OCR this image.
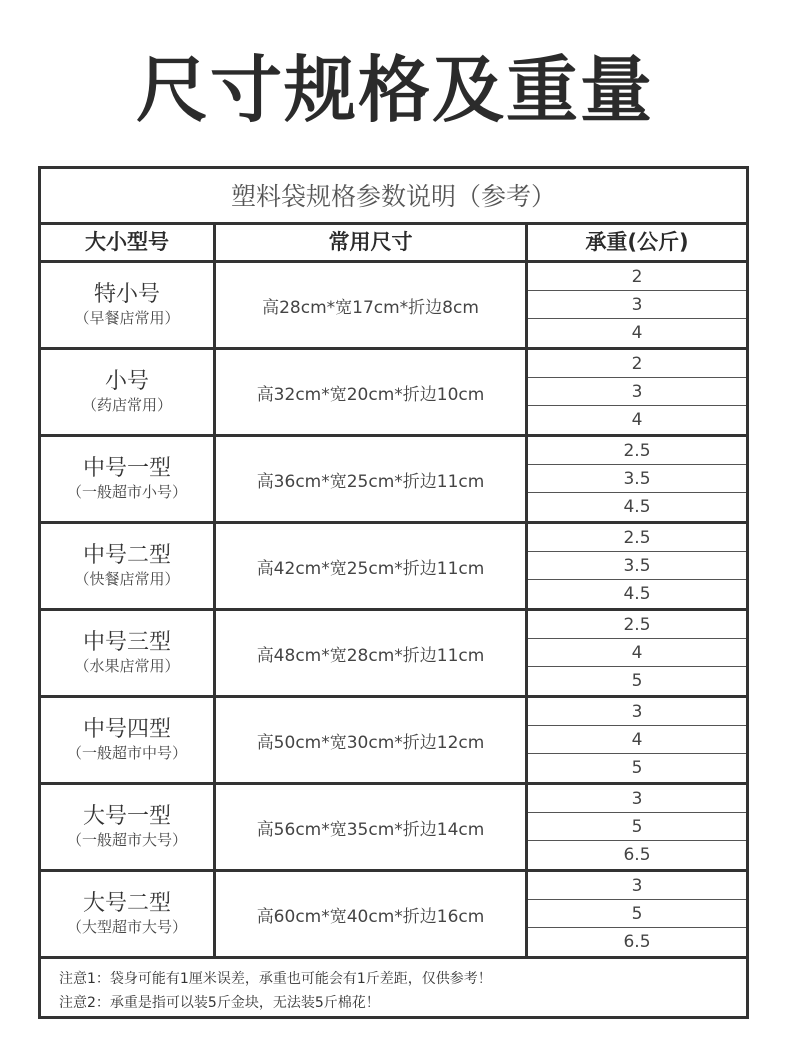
尺寸规格及重量
塑料袋规格参数说明（参考）
大小型号	常用尺寸	承重(公斤)
特小号
（早餐店常用）
高28cm*宽17cm*折边8cm
2
3
4
小号
（药店常用）
高32cm*宽20cm*折边10cm
2
3
4
中号一型
（一般超市小号）
高36cm*宽25cm*折边11cm
2.5
3.5
4.5
中号二型
（快餐店常用）
高42cm*宽25cm*折边11cm
2.5
3.5
4.5
中号三型
（水果店常用）
高48cm*宽28cm*折边11cm
2.5
4
5
中号四型
（一般超市中号）
高50cm*宽30cm*折边12cm
3
4
5
大号一型
（一般超市大号）
高56cm*宽35cm*折边14cm
3
5
6.5
大号二型
（大型超市大号）
高60cm*宽40cm*折边16cm
3
5
6.5
注意1：袋身可能有1厘米误差，承重也可能会有1斤差距，仅供参考！
注意2：承重是指可以装5斤金块，无法装5斤棉花！
